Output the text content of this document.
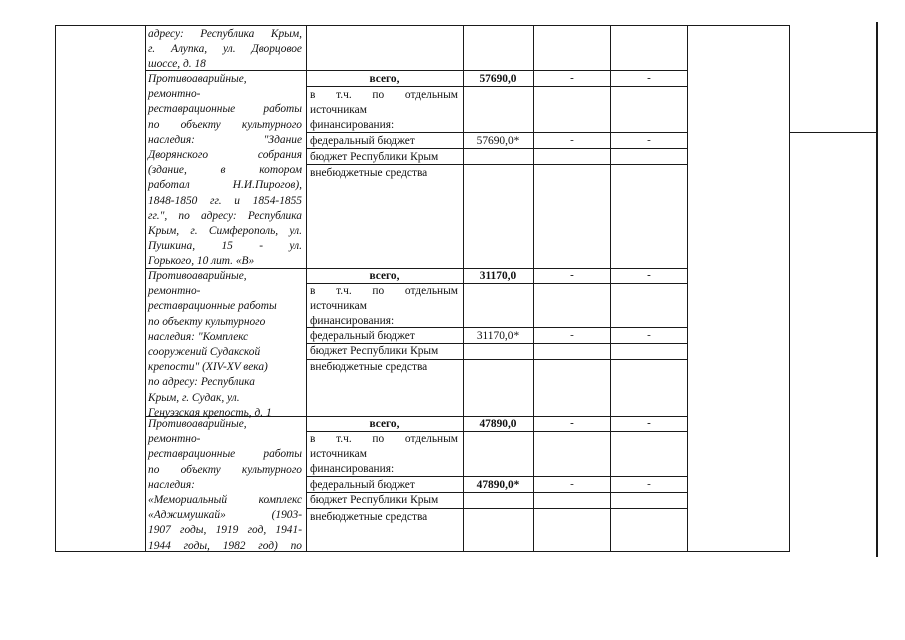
адресу: Республика Крым,
г. Алупка, ул. Дворцовое
шоссе, д. 18
Противоаварийные,
ремонтно-
реставрационные работы
по объекту культурного
наследия: "Здание
Дворянского собрания
(здание, в котором
работал Н.И.Пирогов),
1848-1850 гг. и 1854-1855
гг.", по адресу: Республика
Крым, г. Симферополь, ул.
Пушкина, 15 - ул.
Горького, 10 лит. «В»
всего,	57690,0	-	-
в т.ч. по отдельным
источникам
финансирования:
федеральный бюджет	57690,0*	-	-
бюджет Республики Крым
внебюджетные средства
Противоаварийные,
ремонтно-
реставрационные работы
по объекту культурного
наследия: "Комплекс
сооружений Судакской
крепости" (XIV-XV века)
по адресу: Республика
Крым, г. Судак, ул.
Генуэзская крепость, д. 1
всего,	31170,0	-	-
в т.ч. по отдельным
источникам
финансирования:
федеральный бюджет	31170,0*	-	-
бюджет Республики Крым
внебюджетные средства
Противоаварийные,
ремонтно-
реставрационные работы
по объекту культурного
наследия:
«Мемориальный комплекс
«Аджимушкай» (1903-
1907 годы, 1919 год, 1941-
1944 годы, 1982 год) по
всего,	47890,0	-	-
в т.ч. по отдельным
источникам
финансирования:
федеральный бюджет	47890,0*	-	-
бюджет Республики Крым
внебюджетные средства
